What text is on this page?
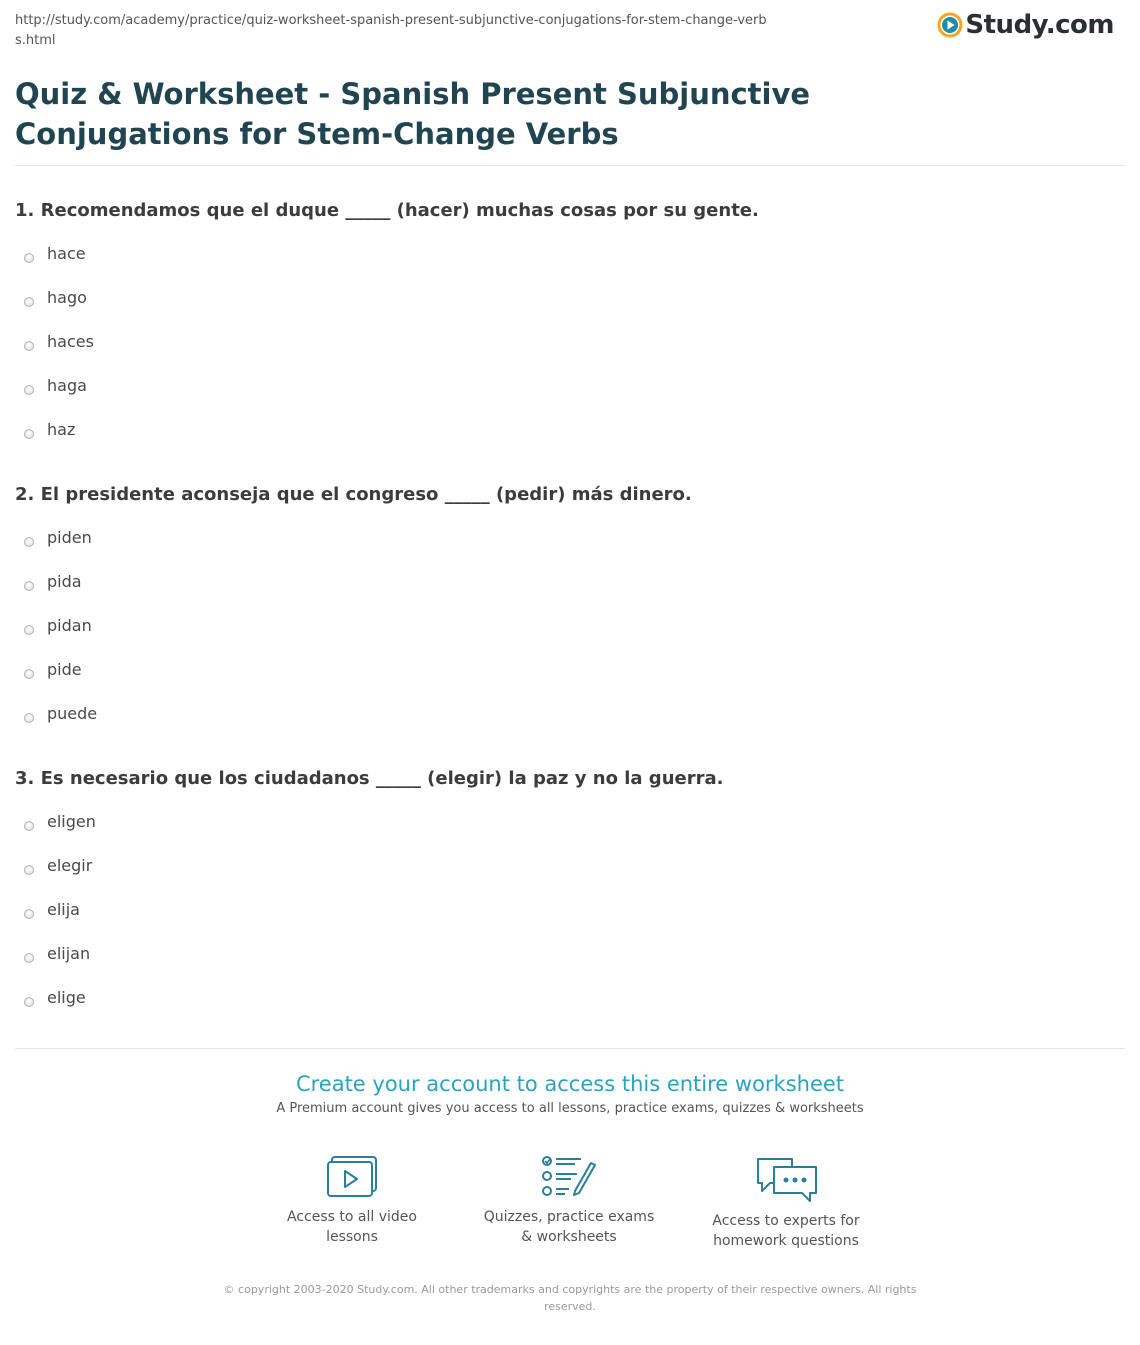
http://study.com/academy/practice/quiz-worksheet-spanish-present-subjunctive-conjugations-for-stem-change-verbs.html
Study.com
Quiz & Worksheet - Spanish Present Subjunctive Conjugations for Stem-Change Verbs
1. Recomendamos que el duque _____ (hacer) muchas cosas por su gente.
hace
hago
haces
haga
haz
2. El presidente aconseja que el congreso _____ (pedir) más dinero.
piden
pida
pidan
pide
puede
3. Es necesario que los ciudadanos _____ (elegir) la paz y no la guerra.
eligen
elegir
elija
elijan
elige
Create your account to access this entire worksheet
A Premium account gives you access to all lessons, practice exams, quizzes & worksheets
Access to all video lessons
Quizzes, practice exams & worksheets
Access to experts for homework questions
© copyright 2003-2020 Study.com. All other trademarks and copyrights are the property of their respective owners. All rights reserved.
